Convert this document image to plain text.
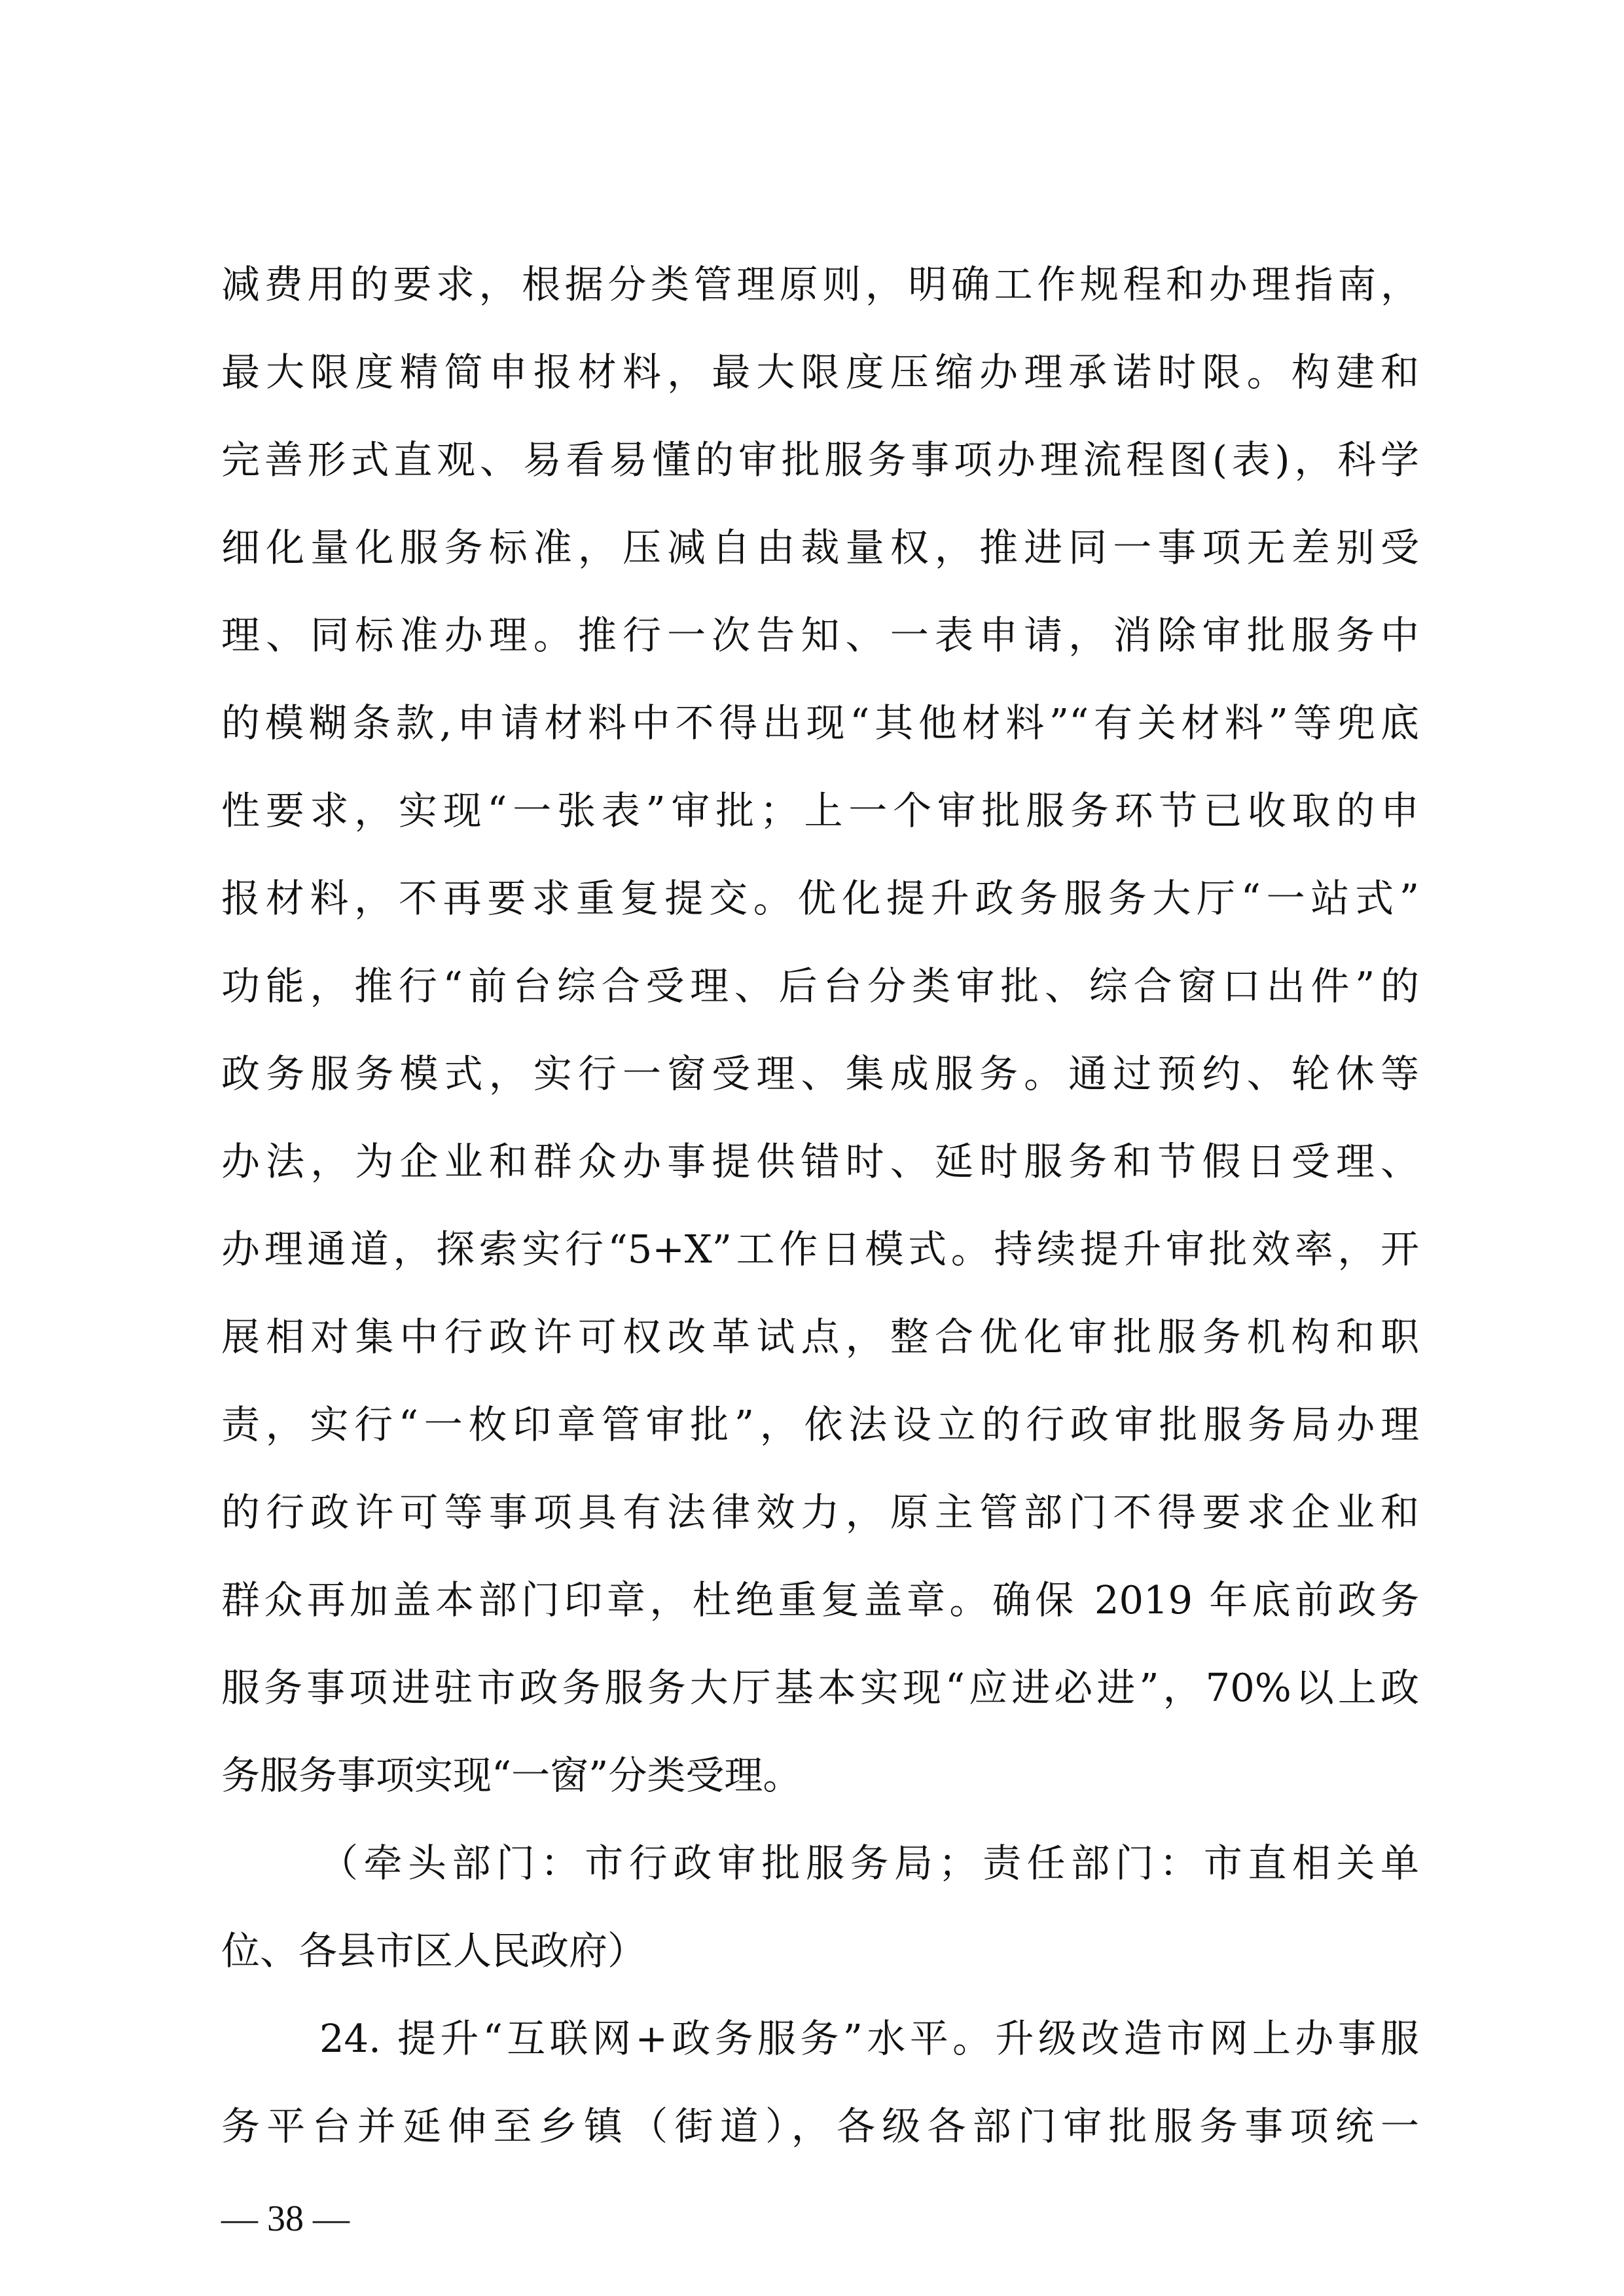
减费用的要求，根据分类管理原则，明确工作规程和办理指南，
最大限度精简申报材料，最大限度压缩办理承诺时限。构建和
完善形式直观、易看易懂的审批服务事项办理流程图(表)，科学
细化量化服务标准，压减自由裁量权，推进同一事项无差别受
理、同标准办理。推行一次告知、一表申请，消除审批服务中
的模糊条款,申请材料中不得出现“其他材料”“有关材料”等兜底
性要求，实现“一张表”审批；上一个审批服务环节已收取的申
报材料，不再要求重复提交。优化提升政务服务大厅“一站式”
功能，推行“前台综合受理、后台分类审批、综合窗口出件”的
政务服务模式，实行一窗受理、集成服务。通过预约、轮休等
办法，为企业和群众办事提供错时、延时服务和节假日受理、
办理通道，探索实行“5+X”工作日模式。持续提升审批效率，开
展相对集中行政许可权改革试点，整合优化审批服务机构和职
责，实行“一枚印章管审批”，依法设立的行政审批服务局办理
的行政许可等事项具有法律效力，原主管部门不得要求企业和
群众再加盖本部门印章，杜绝重复盖章。确保 2019 年底前政务
服务事项进驻市政务服务大厅基本实现“应进必进”，70%以上政
务服务事项实现“一窗”分类受理。
（牵头部门：市行政审批服务局；责任部门：市直相关单
位、各县市区人民政府）
24. 提升“互联网+政务服务”水平。升级改造市网上办事服
务平台并延伸至乡镇（街道），各级各部门审批服务事项统一
— 38 —
